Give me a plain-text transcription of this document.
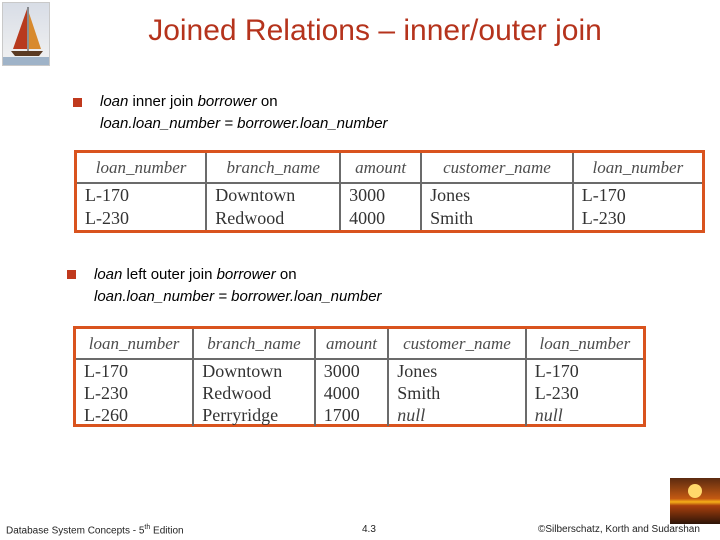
Joined Relations – inner/outer join
loan inner join borrower on
loan.loan_number = borrower.loan_number
loan_number	branch_name	amount	customer_name	loan_number
L-170	Downtown	3000	Jones	L-170
L-230	Redwood	4000	Smith	L-230
loan left outer join borrower on
loan.loan_number = borrower.loan_number
loan_number	branch_name	amount	customer_name	loan_number
L-170	Downtown	3000	Jones	L-170
L-230	Redwood	4000	Smith	L-230
L-260	Perryridge	1700	null	null
Database System Concepts - 5th Edition	4.3	©Silberschatz, Korth and Sudarshan
